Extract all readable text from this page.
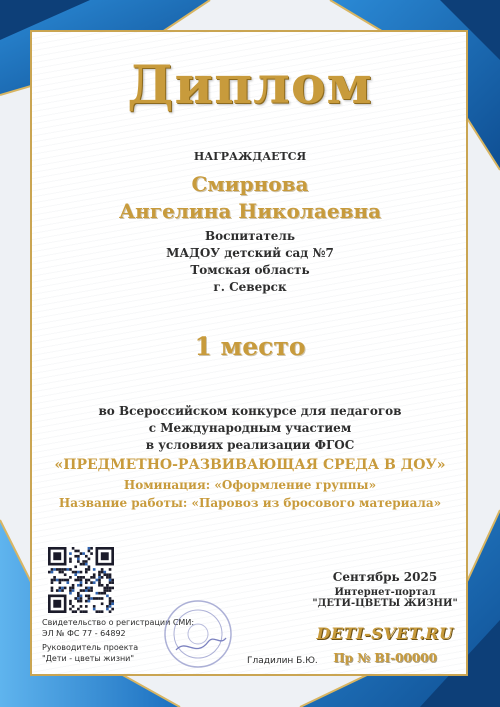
Диплом

НАГРАЖДАЕТСЯ

Смирнова

Ангелина Николаевна

Воспитатель

МАДОУ детский сад №7

Томская область

г. Северск

1 место

во Всероссийском конкурсе для педагогов

с Международным участием

в условиях реализации ФГОС

«ПРЕДМЕТНО-РАЗВИВАЮЩАЯ СРЕДА В ДОУ»

Номинация: «Оформление группы»

Название работы: «Паровоз из бросового материала»

Свидетельство о регистрации СМИ:

ЭЛ № ФС 77 - 64892

Руководитель проекта

"Дети - цветы жизни"	Гладилин Б.Ю.

Сентябрь 2025

Интернет-портал
"ДЕТИ-ЦВЕТЫ ЖИЗНИ"

DETI-SVET.RU

Пр № BI-00000
